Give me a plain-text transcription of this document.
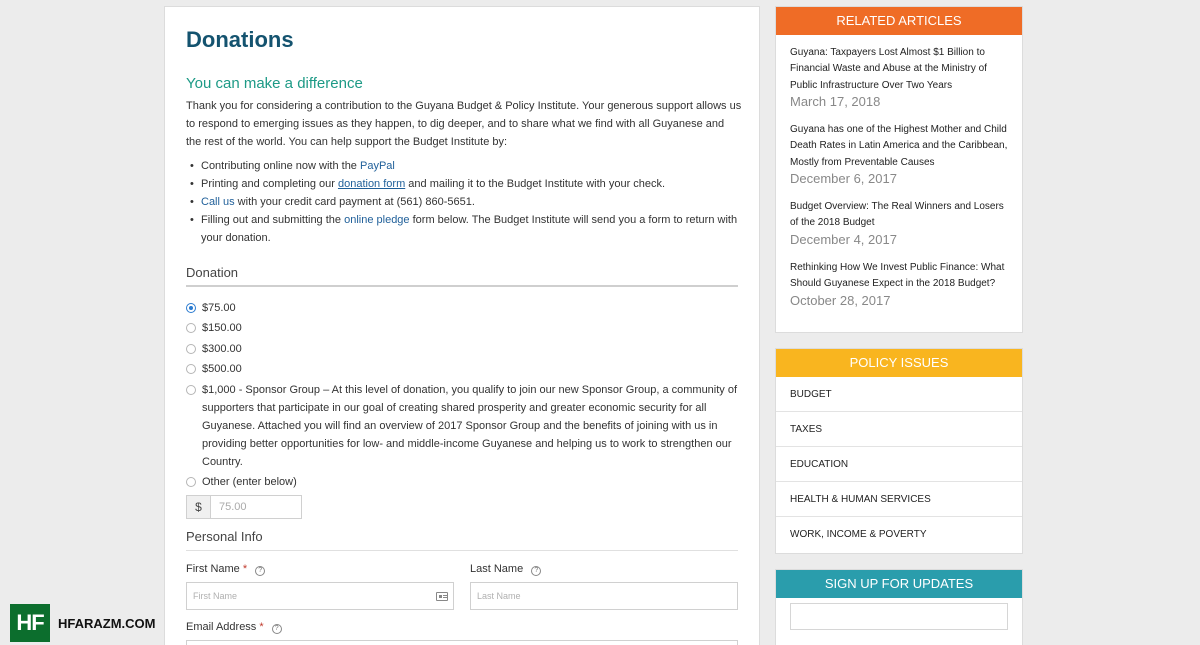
Donations
You can make a difference

Thank you for considering a contribution to the Guyana Budget & Policy Institute. Your generous support allows us to respond to emerging issues as they happen, to dig deeper, and to share what we find with all Guyanese and the rest of the world. You can help support the Budget Institute by:

• Contributing online now with the PayPal
• Printing and completing our donation form and mailing it to the Budget Institute with your check.
• Call us with your credit card payment at (561) 860-5651.
• Filling out and submitting the online pledge form below. The Budget Institute will send you a form to return with your donation.
Donation
$75.00
$150.00
$300.00
$500.00
$1,000 - Sponsor Group – At this level of donation, you qualify to join our new Sponsor Group, a community of supporters that participate in our goal of creating shared prosperity and greater economic security for all Guyanese. Attached you will find an overview of 2017 Sponsor Group and the benefits of joining with us in providing better opportunities for low- and middle-income Guyanese and helping us to work to strengthen our Country.
Other (enter below)
$
75.00
Personal Info
First Name * ?
First Name	Last Name ?
Last Name
Email Address * ?
RELATED ARTICLES
Guyana: Taxpayers Lost Almost $1 Billion to Financial Waste and Abuse at the Ministry of Public Infrastructure Over Two Years
March 17, 2018
Guyana has one of the Highest Mother and Child Death Rates in Latin America and the Caribbean, Mostly from Preventable Causes
December 6, 2017
Budget Overview: The Real Winners and Losers of the 2018 Budget
December 4, 2017
Rethinking How We Invest Public Finance: What Should Guyanese Expect in the 2018 Budget?
October 28, 2017
POLICY ISSUES
BUDGET
TAXES
EDUCATION
HEALTH & HUMAN SERVICES
WORK, INCOME & POVERTY
SIGN UP FOR UPDATES
HF	HFARAZM.COM
